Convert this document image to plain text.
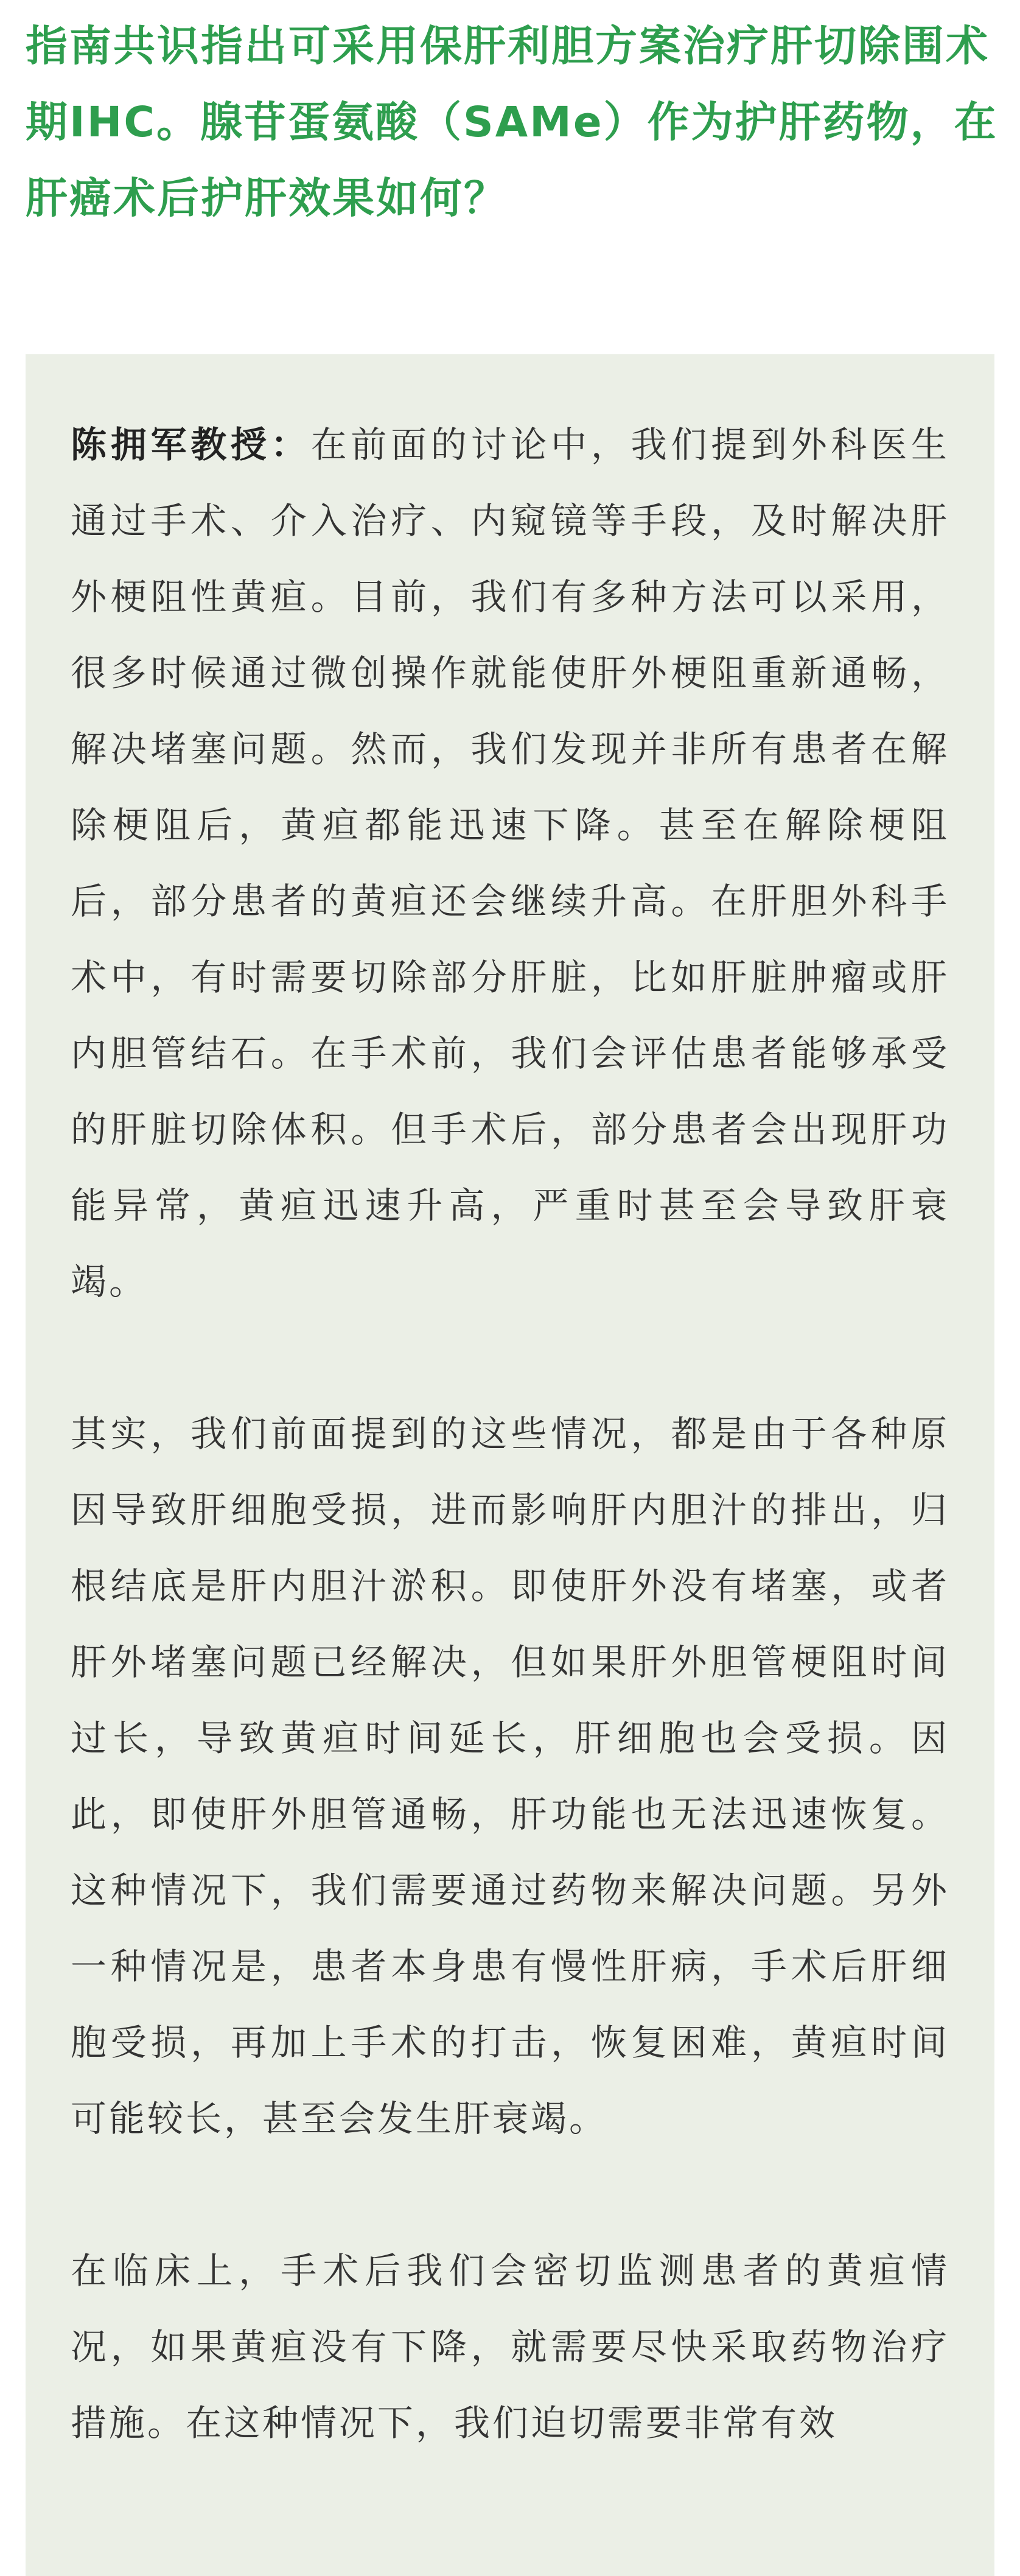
指南共识指出可采用保肝利胆方案治疗肝切除围术期IHC。腺苷蛋氨酸（SAMe）作为护肝药物，在肝癌术后护肝效果如何？

陈拥军教授：在前面的讨论中，我们提到外科医生通过手术、介入治疗、内窥镜等手段，及时解决肝外梗阻性黄疸。目前，我们有多种方法可以采用，很多时候通过微创操作就能使肝外梗阻重新通畅，解决堵塞问题。然而，我们发现并非所有患者在解除梗阻后，黄疸都能迅速下降。甚至在解除梗阻后，部分患者的黄疸还会继续升高。在肝胆外科手术中，有时需要切除部分肝脏，比如肝脏肿瘤或肝内胆管结石。在手术前，我们会评估患者能够承受的肝脏切除体积。但手术后，部分患者会出现肝功能异常，黄疸迅速升高，严重时甚至会导致肝衰竭。

其实，我们前面提到的这些情况，都是由于各种原因导致肝细胞受损，进而影响肝内胆汁的排出，归根结底是肝内胆汁淤积。即使肝外没有堵塞，或者肝外堵塞问题已经解决，但如果肝外胆管梗阻时间过长，导致黄疸时间延长，肝细胞也会受损。因此，即使肝外胆管通畅，肝功能也无法迅速恢复。这种情况下，我们需要通过药物来解决问题。另外一种情况是，患者本身患有慢性肝病，手术后肝细胞受损，再加上手术的打击，恢复困难，黄疸时间可能较长，甚至会发生肝衰竭。

在临床上，手术后我们会密切监测患者的黄疸情况，如果黄疸没有下降，就需要尽快采取药物治疗措施。在这种情况下，我们迫切需要非常有效
